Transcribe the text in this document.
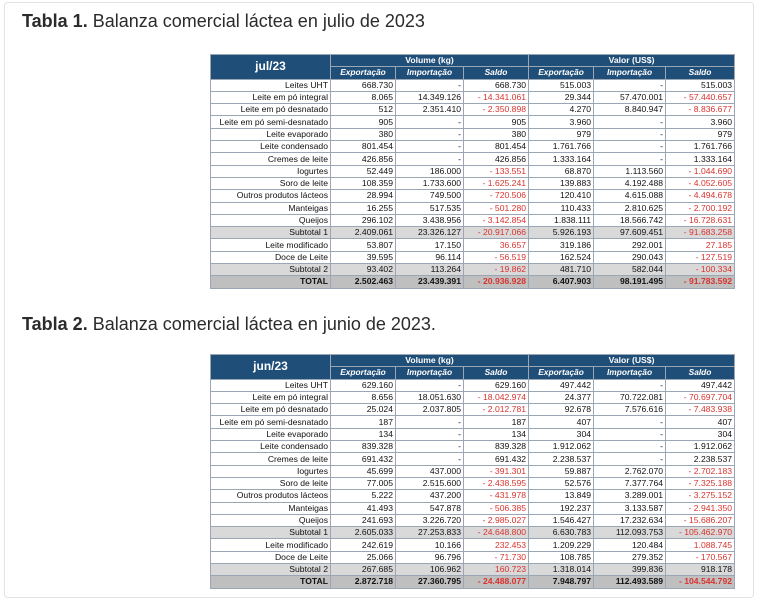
Tabla 1. Balanza comercial láctea en julio de 2023
jul/23	Volume (kg)			Valor (US$)		
	Exportação	Importação	Saldo	Exportação	Importação	Saldo
Leites UHT	668.730	-	668.730	515.003	-	515.003
Leite em pó integral	8.065	14.349.126	- 14.341.061	29.344	57.470.001	- 57.440.657
Leite em pó desnatado	512	2.351.410	- 2.350.898	4.270	8.840.947	- 8.836.677
Leite em pó semi-desnatado	905	-	905	3.960	-	3.960
Leite evaporado	380	-	380	979	-	979
Leite condensado	801.454	-	801.454	1.761.766	-	1.761.766
Cremes de leite	426.856	-	426.856	1.333.164	-	1.333.164
Iogurtes	52.449	186.000	- 133.551	68.870	1.113.560	- 1.044.690
Soro de leite	108.359	1.733.600	- 1.625.241	139.883	4.192.488	- 4.052.605
Outros produtos lácteos	28.994	749.500	- 720.506	120.410	4.615.088	- 4.494.678
Manteigas	16.255	517.535	- 501.280	110.433	2.810.625	- 2.700.192
Queijos	296.102	3.438.956	- 3.142.854	1.838.111	18.566.742	- 16.728.631
Subtotal 1	2.409.061	23.326.127	- 20.917.066	5.926.193	97.609.451	- 91.683.258
Leite modificado	53.807	17.150	36.657	319.186	292.001	27.185
Doce de Leite	39.595	96.114	- 56.519	162.524	290.043	- 127.519
Subtotal 2	93.402	113.264	- 19.862	481.710	582.044	- 100.334
TOTAL	2.502.463	23.439.391	- 20.936.928	6.407.903	98.191.495	- 91.783.592
Tabla 2. Balanza comercial láctea en junio de 2023.
jun/23	Volume (kg)			Valor (US$)		
	Exportação	Importação	Saldo	Exportação	Importação	Saldo
Leites UHT	629.160	-	629.160	497.442	-	497.442
Leite em pó integral	8.656	18.051.630	- 18.042.974	24.377	70.722.081	- 70.697.704
Leite em pó desnatado	25.024	2.037.805	- 2.012.781	92.678	7.576.616	- 7.483.938
Leite em pó semi-desnatado	187	-	187	407	-	407
Leite evaporado	134	-	134	304	-	304
Leite condensado	839.328	-	839.328	1.912.062	-	1.912.062
Cremes de leite	691.432	-	691.432	2.238.537	-	2.238.537
Iogurtes	45.699	437.000	- 391.301	59.887	2.762.070	- 2.702.183
Soro de leite	77.005	2.515.600	- 2.438.595	52.576	7.377.764	- 7.325.188
Outros produtos lácteos	5.222	437.200	- 431.978	13.849	3.289.001	- 3.275.152
Manteigas	41.493	547.878	- 506.385	192.237	3.133.587	- 2.941.350
Queijos	241.693	3.226.720	- 2.985.027	1.546.427	17.232.634	- 15.686.207
Subtotal 1	2.605.033	27.253.833	- 24.648.800	6.630.783	112.093.753	- 105.462.970
Leite modificado	242.619	10.166	232.453	1.209.229	120.484	1.088.745
Doce de Leite	25.066	96.796	- 71.730	108.785	279.352	- 170.567
Subtotal 2	267.685	106.962	160.723	1.318.014	399.836	918.178
TOTAL	2.872.718	27.360.795	- 24.488.077	7.948.797	112.493.589	- 104.544.792
